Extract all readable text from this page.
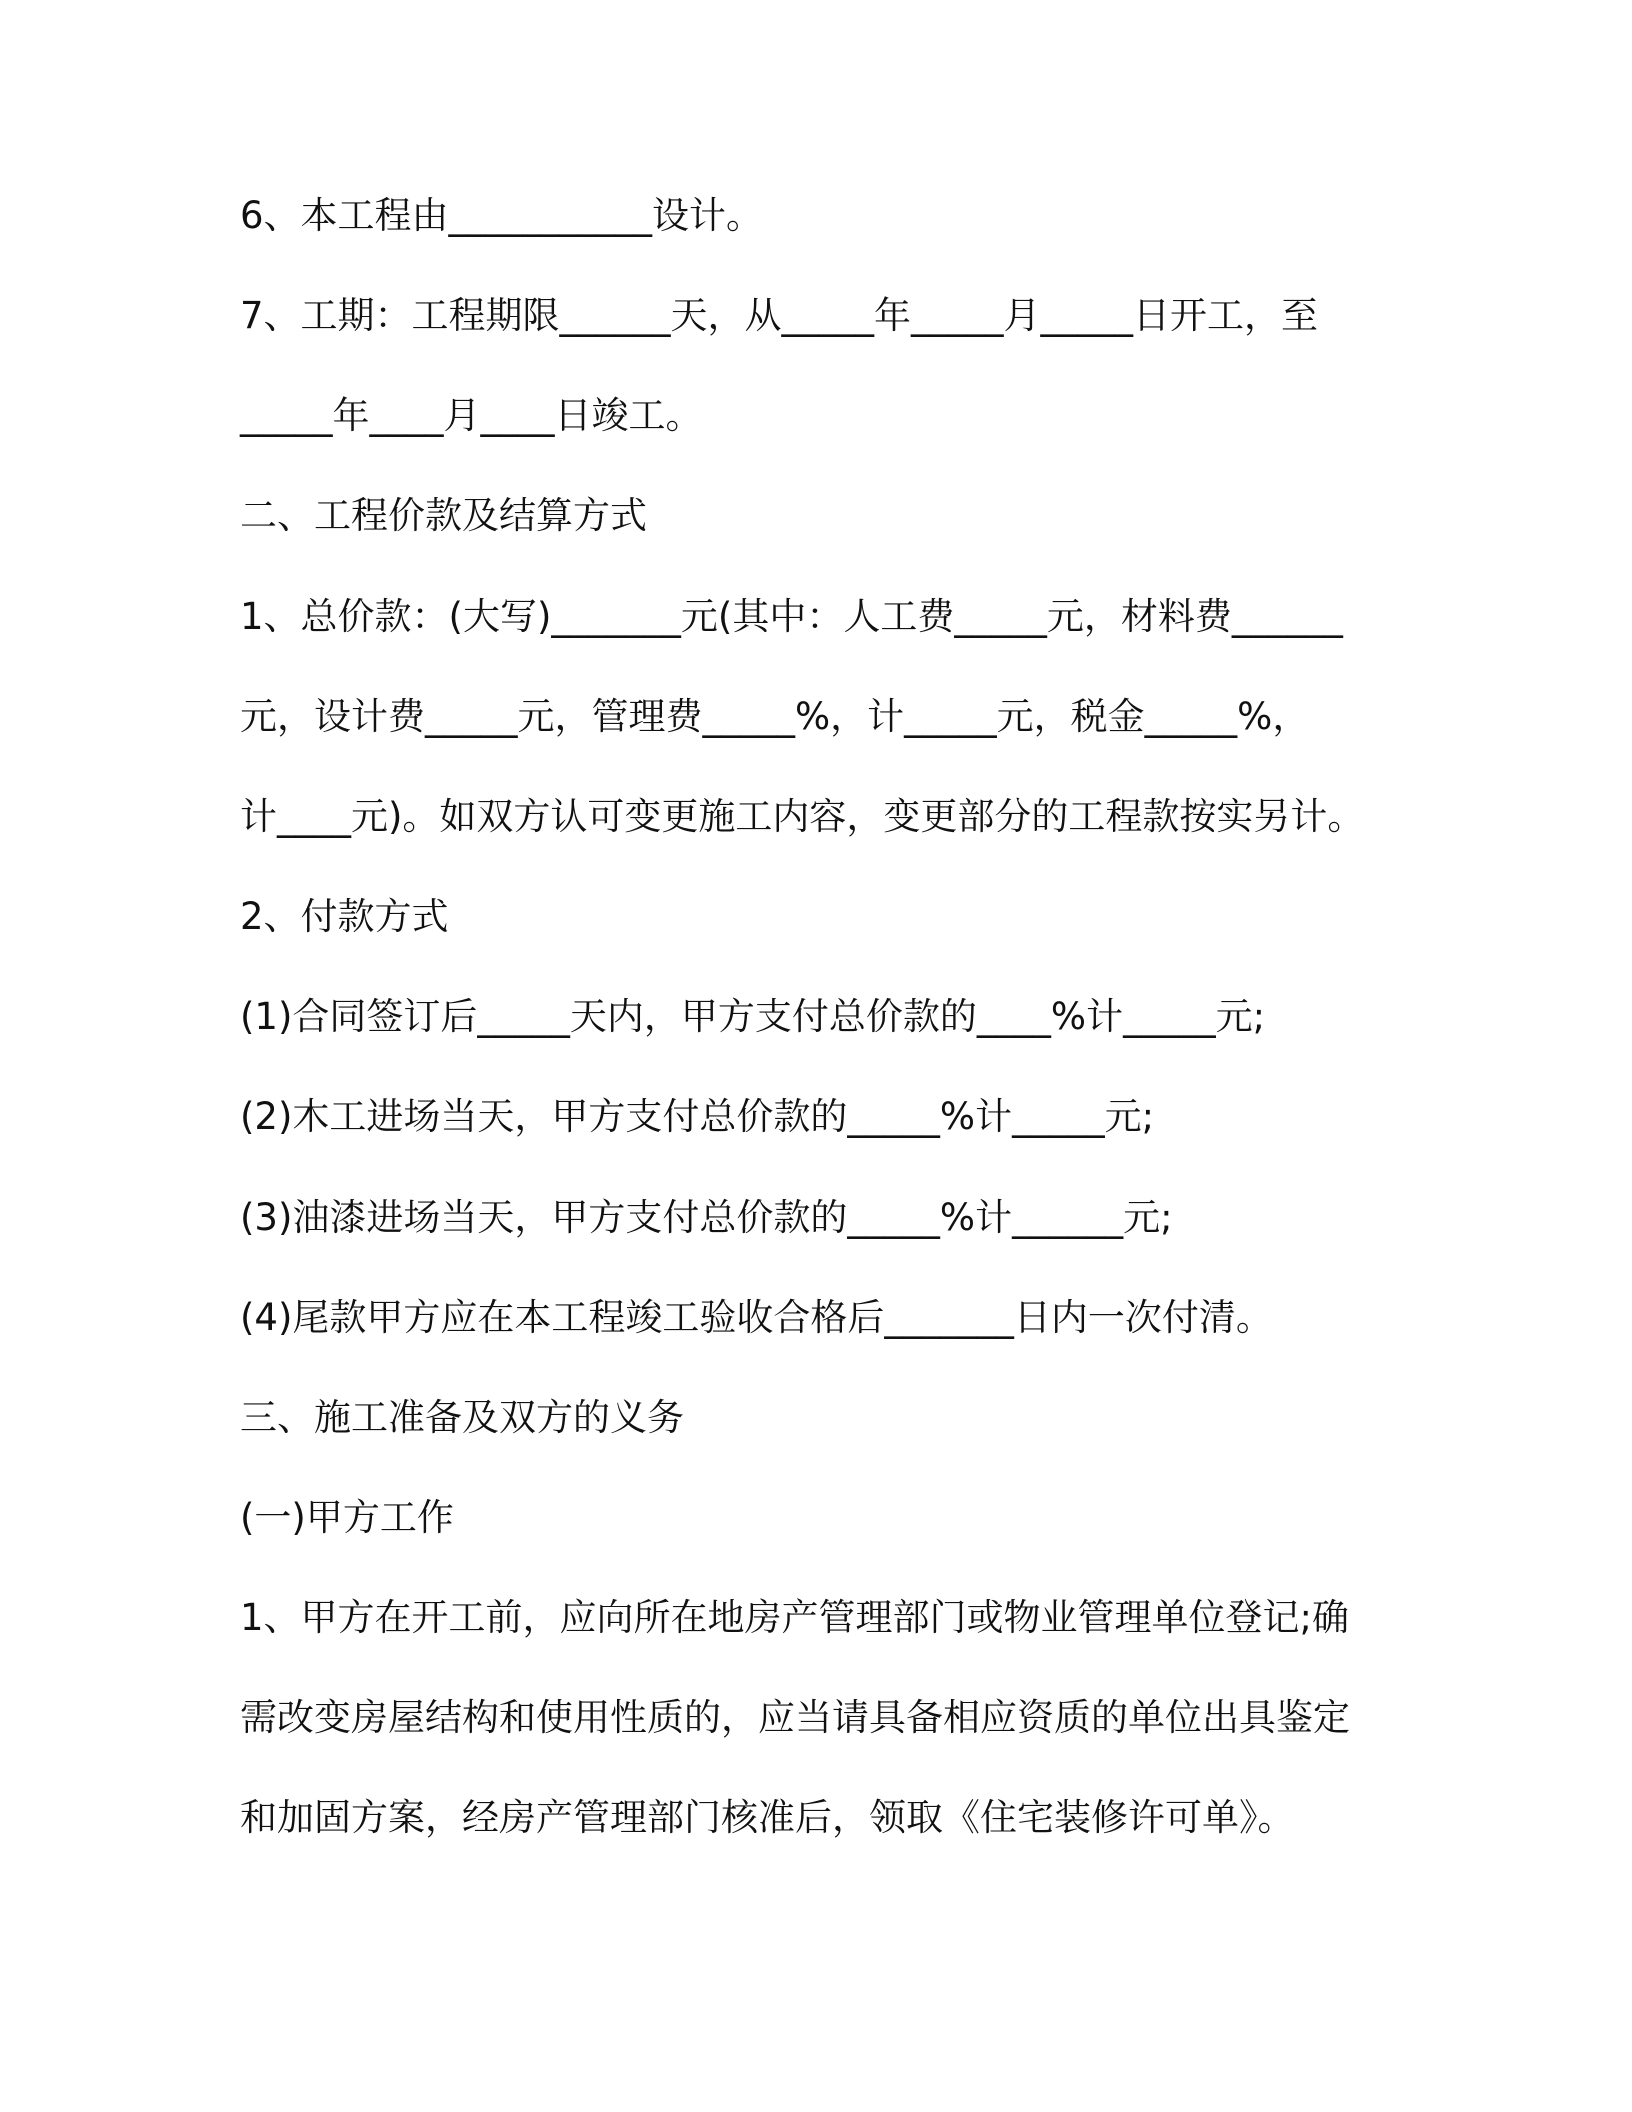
6、本工程由___________设计。

7、工期：工程期限______天，从_____年_____月_____日开工，至

_____年____月____日竣工。

二、工程价款及结算方式

1、总价款：(大写)_______元(其中：人工费_____元，材料费______

元，设计费_____元，管理费_____%，计_____元，税金_____%，

计____元)。如双方认可变更施工内容，变更部分的工程款按实另计。

2、付款方式

(1)合同签订后_____天内，甲方支付总价款的____%计_____元;

(2)木工进场当天，甲方支付总价款的_____%计_____元;

(3)油漆进场当天，甲方支付总价款的_____%计______元;

(4)尾款甲方应在本工程竣工验收合格后_______日内一次付清。

三、施工准备及双方的义务

(一)甲方工作

1、甲方在开工前，应向所在地房产管理部门或物业管理单位登记;确

需改变房屋结构和使用性质的，应当请具备相应资质的单位出具鉴定

和加固方案，经房产管理部门核准后，领取《住宅装修许可单》。
